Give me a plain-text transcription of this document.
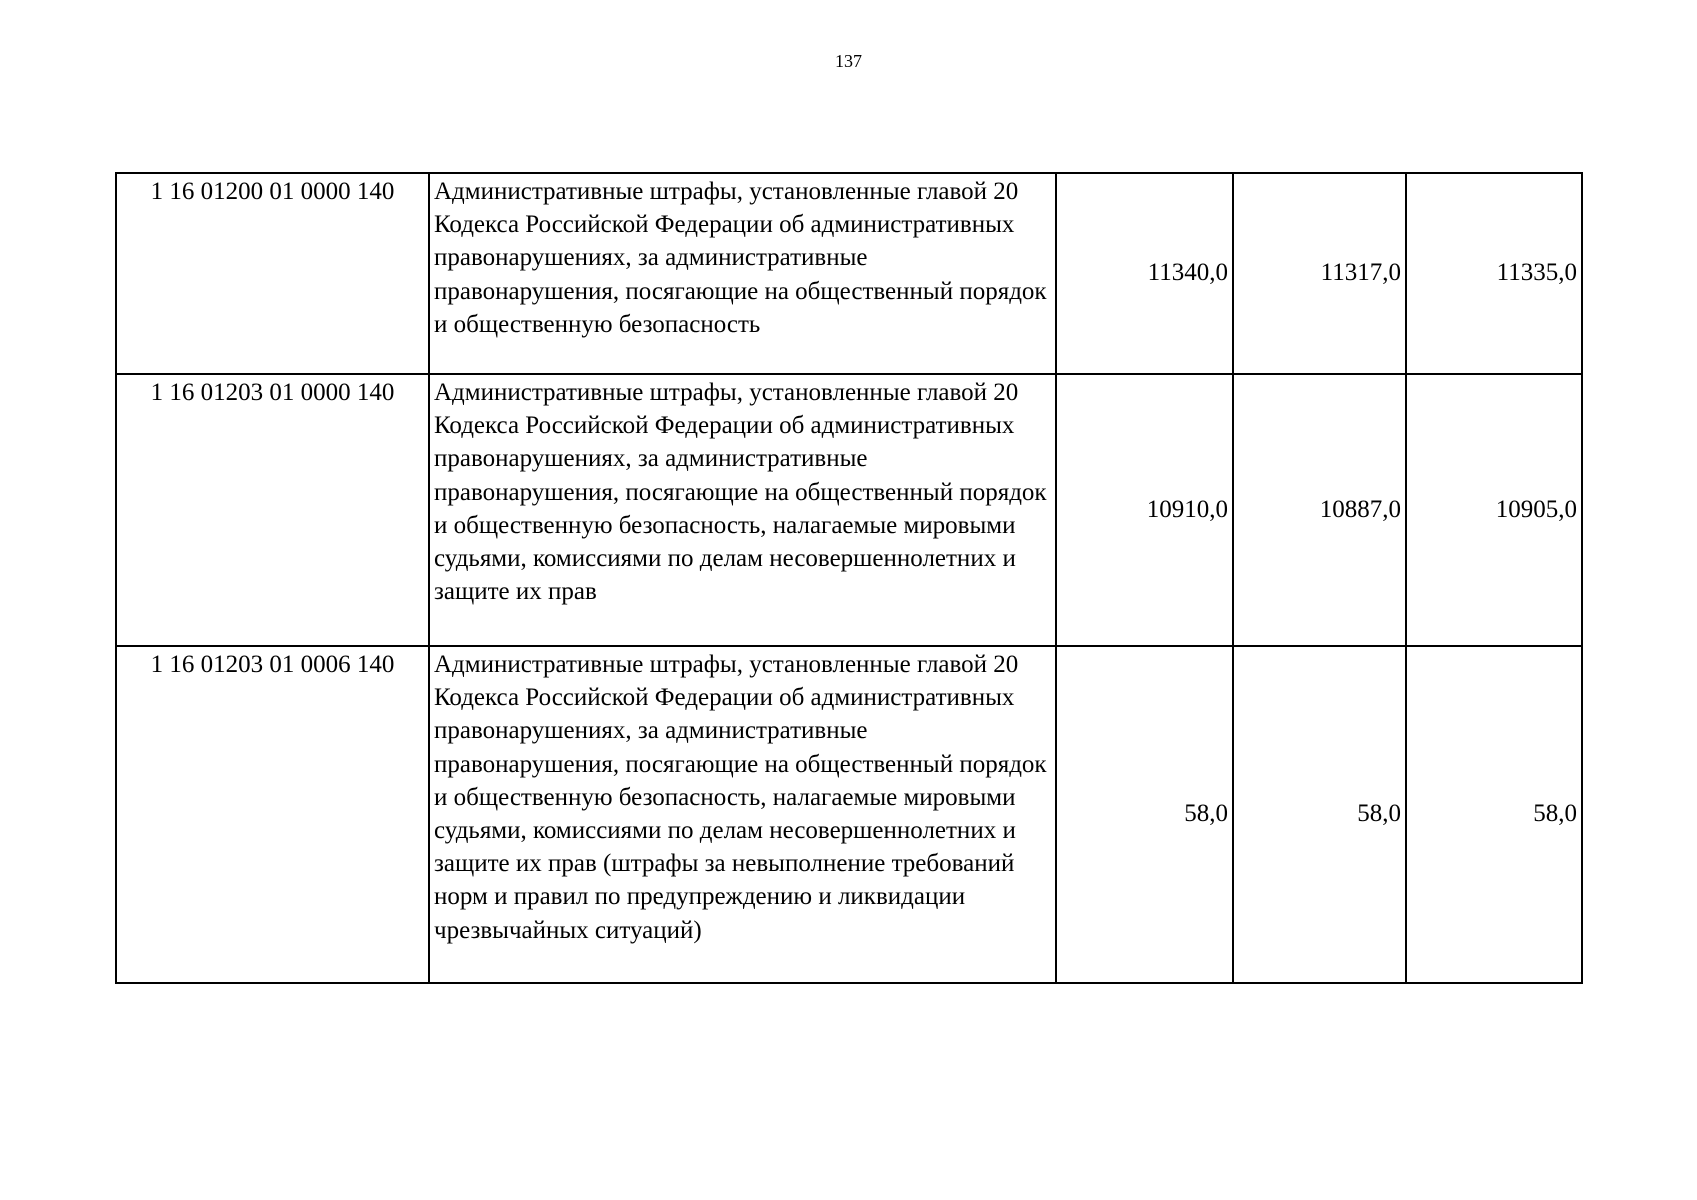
137
1 16 01200 01 0000 140	Административные штрафы, установленные главой 20 Кодекса Российской Федерации об административных правонарушениях, за административные правонарушения, посягающие на общественный порядок и общественную безопасность	11340,0	11317,0	11335,0
1 16 01203 01 0000 140	Административные штрафы, установленные главой 20 Кодекса Российской Федерации об административных правонарушениях, за административные правонарушения, посягающие на общественный порядок и общественную безопасность, налагаемые мировыми судьями, комиссиями по делам несовершеннолетних и защите их прав	10910,0	10887,0	10905,0
1 16 01203 01 0006 140	Административные штрафы, установленные главой 20 Кодекса Российской Федерации об административных правонарушениях, за административные правонарушения, посягающие на общественный порядок и общественную безопасность, налагаемые мировыми судьями, комиссиями по делам несовершеннолетних и защите их прав (штрафы за невыполнение требований норм и правил по предупреждению и ликвидации чрезвычайных ситуаций)	58,0	58,0	58,0
